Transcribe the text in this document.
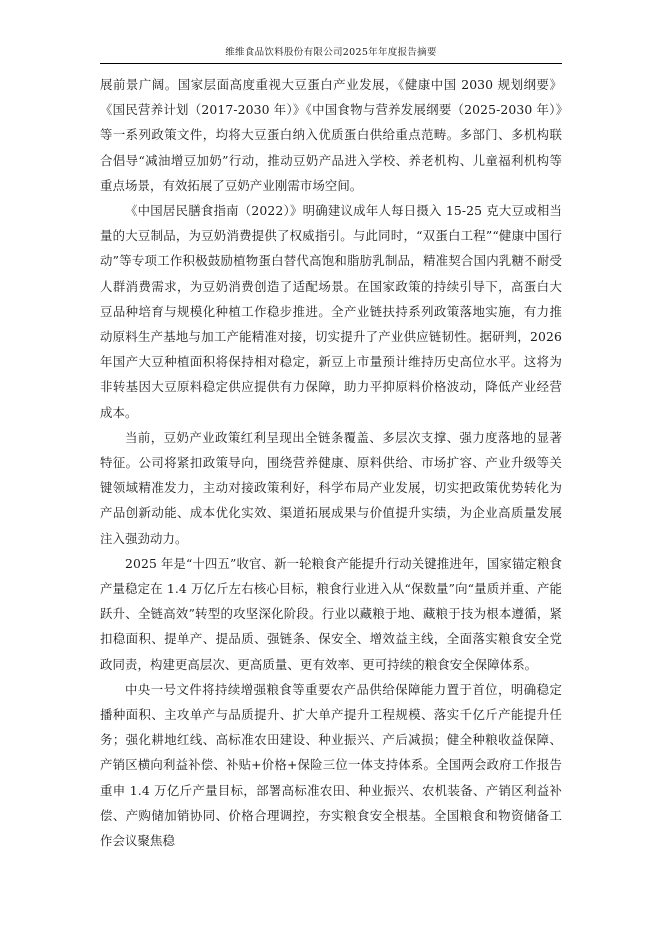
维维食品饮料股份有限公司2025年年度报告摘要

展前景广阔。国家层面高度重视大豆蛋白产业发展，《健康中国 2030 规划纲要》《国民营养计划（2017-2030 年）》《中国食物与营养发展纲要（2025-2030 年）》等一系列政策文件，均将大豆蛋白纳入优质蛋白供给重点范畴。多部门、多机构联合倡导“减油增豆加奶”行动，推动豆奶产品进入学校、养老机构、儿童福利机构等重点场景，有效拓展了豆奶产业刚需市场空间。

《中国居民膳食指南（2022）》明确建议成年人每日摄入 15-25 克大豆或相当量的大豆制品，为豆奶消费提供了权威指引。与此同时，“双蛋白工程”“健康中国行动”等专项工作积极鼓励植物蛋白替代高饱和脂肪乳制品，精准契合国内乳糖不耐受人群消费需求，为豆奶消费创造了适配场景。在国家政策的持续引导下，高蛋白大豆品种培育与规模化种植工作稳步推进。全产业链扶持系列政策落地实施，有力推动原料生产基地与加工产能精准对接，切实提升了产业供应链韧性。据研判，2026 年国产大豆种植面积将保持相对稳定，新豆上市量预计维持历史高位水平。这将为非转基因大豆原料稳定供应提供有力保障，助力平抑原料价格波动，降低产业经营成本。

当前，豆奶产业政策红利呈现出全链条覆盖、多层次支撑、强力度落地的显著特征。公司将紧扣政策导向，围绕营养健康、原料供给、市场扩容、产业升级等关键领域精准发力，主动对接政策利好，科学布局产业发展，切实把政策优势转化为产品创新动能、成本优化实效、渠道拓展成果与价值提升实绩，为企业高质量发展注入强劲动力。

2025 年是“十四五”收官、新一轮粮食产能提升行动关键推进年，国家锚定粮食产量稳定在 1.4 万亿斤左右核心目标，粮食行业进入从“保数量”向“量质并重、产能跃升、全链高效”转型的攻坚深化阶段。行业以藏粮于地、藏粮于技为根本遵循，紧扣稳面积、提单产、提品质、强链条、保安全、增效益主线，全面落实粮食安全党政同责，构建更高层次、更高质量、更有效率、更可持续的粮食安全保障体系。

中央一号文件将持续增强粮食等重要农产品供给保障能力置于首位，明确稳定播种面积、主攻单产与品质提升、扩大单产提升工程规模、落实千亿斤产能提升任务；强化耕地红线、高标准农田建设、种业振兴、产后减损；健全种粮收益保障、产销区横向利益补偿、补贴+价格+保险三位一体支持体系。全国两会政府工作报告重申 1.4 万亿斤产量目标，部署高标准农田、种业振兴、农机装备、产销区利益补偿、产购储加销协同、价格合理调控，夯实粮食安全根基。全国粮食和物资储备工作会议聚焦稳
